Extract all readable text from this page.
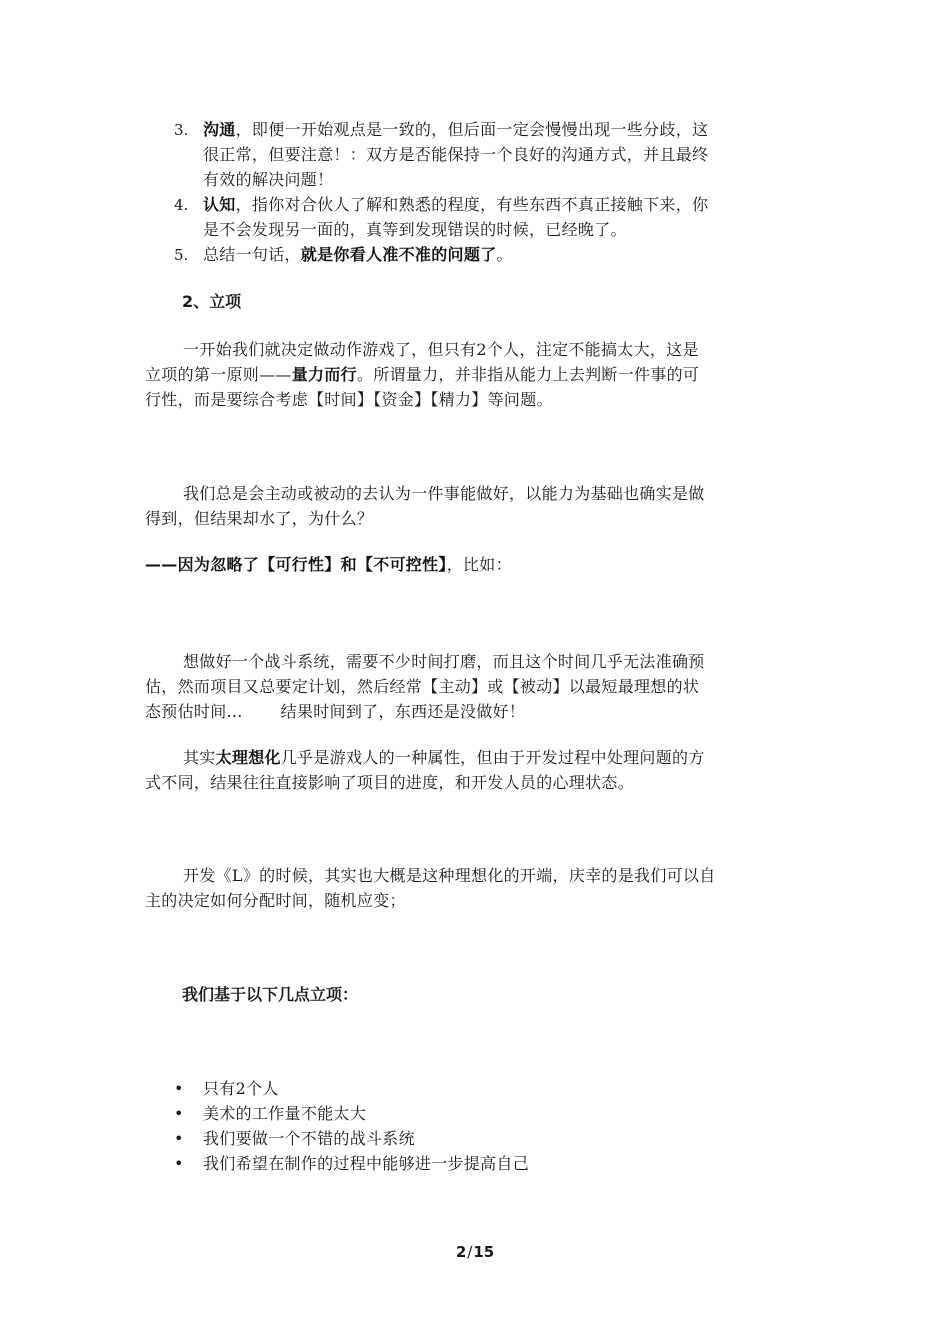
3. 沟通，即便一开始观点是一致的，但后面一定会慢慢出现一些分歧，这
很正常，但要注意！：双方是否能保持一个良好的沟通方式，并且最终
有效的解决问题！
4. 认知，指你对合伙人了解和熟悉的程度，有些东西不真正接触下来，你
是不会发现另一面的，真等到发现错误的时候，已经晚了。
5. 总结一句话，就是你看人准不准的问题了。
2、立项
一开始我们就决定做动作游戏了，但只有2个人，注定不能搞太大，这是
立项的第一原则——量力而行。所谓量力，并非指从能力上去判断一件事的可
行性，而是要综合考虑【时间】【资金】【精力】等问题。
我们总是会主动或被动的去认为一件事能做好，以能力为基础也确实是做
得到，但结果却水了，为什么？
——因为忽略了【可行性】和【不可控性】，比如：
想做好一个战斗系统，需要不少时间打磨，而且这个时间几乎无法准确预
估，然而项目又总要定计划，然后经常【主动】或【被动】以最短最理想的状
态预估时间... 结果时间到了，东西还是没做好！
其实太理想化几乎是游戏人的一种属性，但由于开发过程中处理问题的方
式不同，结果往往直接影响了项目的进度，和开发人员的心理状态。
开发《L》的时候，其实也大概是这种理想化的开端，庆幸的是我们可以自
主的决定如何分配时间，随机应变；
我们基于以下几点立项：
• 只有2个人
• 美术的工作量不能太大
• 我们要做一个不错的战斗系统
• 我们希望在制作的过程中能够进一步提高自己
2/15
